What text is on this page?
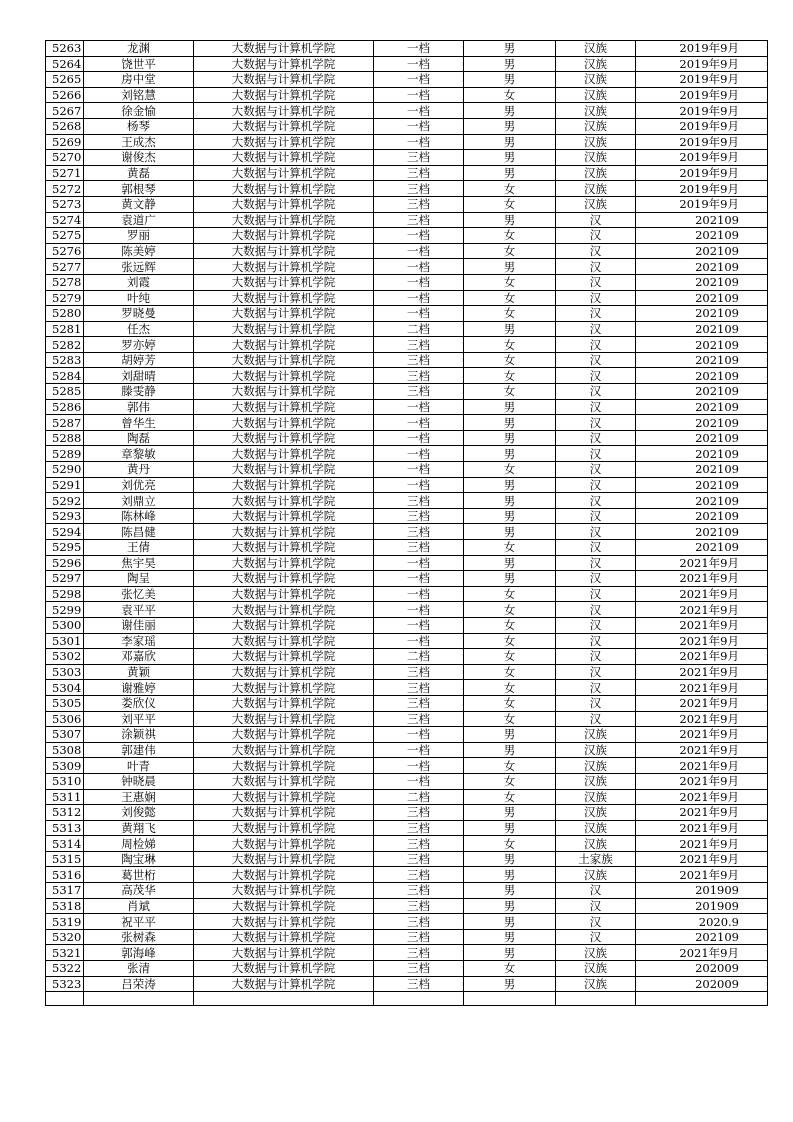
5263	龙渊	大数据与计算机学院	一档	男	汉族	2019年9月
5264	饶世平	大数据与计算机学院	一档	男	汉族	2019年9月
5265	房中堂	大数据与计算机学院	一档	男	汉族	2019年9月
5266	刘铭慧	大数据与计算机学院	一档	女	汉族	2019年9月
5267	徐金愉	大数据与计算机学院	一档	男	汉族	2019年9月
5268	杨琴	大数据与计算机学院	一档	男	汉族	2019年9月
5269	王成杰	大数据与计算机学院	一档	男	汉族	2019年9月
5270	谢俊杰	大数据与计算机学院	三档	男	汉族	2019年9月
5271	黄磊	大数据与计算机学院	三档	男	汉族	2019年9月
5272	郭根琴	大数据与计算机学院	三档	女	汉族	2019年9月
5273	黄文静	大数据与计算机学院	三档	女	汉族	2019年9月
5274	袁道广	大数据与计算机学院	三档	男	汉	202109
5275	罗丽	大数据与计算机学院	一档	女	汉	202109
5276	陈美婷	大数据与计算机学院	一档	女	汉	202109
5277	张远辉	大数据与计算机学院	一档	男	汉	202109
5278	刘霞	大数据与计算机学院	一档	女	汉	202109
5279	叶纯	大数据与计算机学院	一档	女	汉	202109
5280	罗晓曼	大数据与计算机学院	一档	女	汉	202109
5281	任杰	大数据与计算机学院	二档	男	汉	202109
5282	罗亦婷	大数据与计算机学院	三档	女	汉	202109
5283	胡婷芳	大数据与计算机学院	三档	女	汉	202109
5284	刘甜晴	大数据与计算机学院	三档	女	汉	202109
5285	滕雯静	大数据与计算机学院	三档	女	汉	202109
5286	郭伟	大数据与计算机学院	一档	男	汉	202109
5287	曾华生	大数据与计算机学院	一档	男	汉	202109
5288	陶磊	大数据与计算机学院	一档	男	汉	202109
5289	章黎敏	大数据与计算机学院	一档	男	汉	202109
5290	黄丹	大数据与计算机学院	一档	女	汉	202109
5291	刘优亮	大数据与计算机学院	一档	男	汉	202109
5292	刘鼎立	大数据与计算机学院	三档	男	汉	202109
5293	陈林峰	大数据与计算机学院	三档	男	汉	202109
5294	陈昌健	大数据与计算机学院	三档	男	汉	202109
5295	王倩	大数据与计算机学院	三档	女	汉	202109
5296	焦宇昊	大数据与计算机学院	一档	男	汉	2021年9月
5297	陶呈	大数据与计算机学院	一档	男	汉	2021年9月
5298	张忆美	大数据与计算机学院	一档	女	汉	2021年9月
5299	袁平平	大数据与计算机学院	一档	女	汉	2021年9月
5300	谢佳丽	大数据与计算机学院	一档	女	汉	2021年9月
5301	李家瑶	大数据与计算机学院	一档	女	汉	2021年9月
5302	邓嘉欣	大数据与计算机学院	二档	女	汉	2021年9月
5303	黄颖	大数据与计算机学院	三档	女	汉	2021年9月
5304	谢雅婷	大数据与计算机学院	三档	女	汉	2021年9月
5305	娄欣仪	大数据与计算机学院	三档	女	汉	2021年9月
5306	刘平平	大数据与计算机学院	三档	女	汉	2021年9月
5307	涂颖祺	大数据与计算机学院	一档	男	汉族	2021年9月
5308	郭建伟	大数据与计算机学院	一档	男	汉族	2021年9月
5309	叶青	大数据与计算机学院	一档	女	汉族	2021年9月
5310	钟晓晨	大数据与计算机学院	一档	女	汉族	2021年9月
5311	王惠娴	大数据与计算机学院	二档	女	汉族	2021年9月
5312	刘俊懿	大数据与计算机学院	三档	男	汉族	2021年9月
5313	黄翔飞	大数据与计算机学院	三档	男	汉族	2021年9月
5314	周检娣	大数据与计算机学院	三档	女	汉族	2021年9月
5315	陶宝琳	大数据与计算机学院	三档	男	土家族	2021年9月
5316	葛世桁	大数据与计算机学院	三档	男	汉族	2021年9月
5317	高茂华	大数据与计算机学院	三档	男	汉	201909
5318	肖斌	大数据与计算机学院	三档	男	汉	201909
5319	祝平平	大数据与计算机学院	三档	男	汉	2020.9
5320	张树森	大数据与计算机学院	三档	男	汉	202109
5321	郭海峰	大数据与计算机学院	三档	男	汉族	2021年9月
5322	张清	大数据与计算机学院	三档	女	汉族	202009
5323	吕荣涛	大数据与计算机学院	三档	男	汉族	202009
